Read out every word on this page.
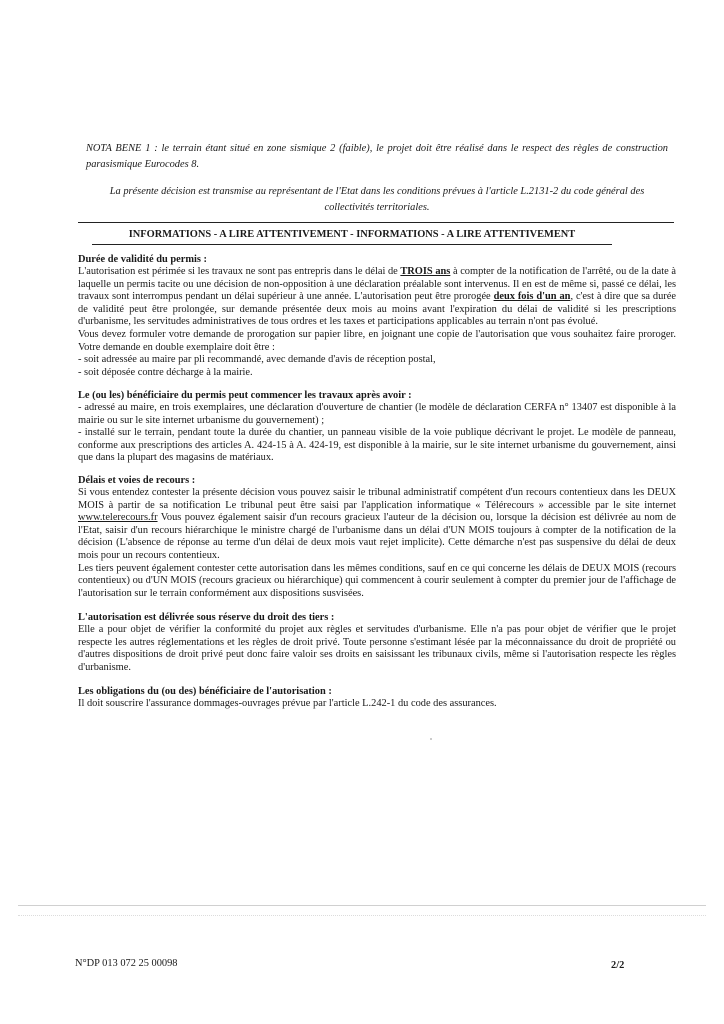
NOTA BENE 1 : le terrain étant situé en zone sismique 2 (faible), le projet doit être réalisé dans le respect des règles de construction parasismique Eurocodes 8.

La présente décision est transmise au représentant de l'Etat dans les conditions prévues à l'article L.2131-2 du code général des collectivités territoriales.

INFORMATIONS - A LIRE ATTENTIVEMENT - INFORMATIONS - A LIRE ATTENTIVEMENT

Durée de validité du permis :

L'autorisation est périmée si les travaux ne sont pas entrepris dans le délai de TROIS ans à compter de la notification de l'arrêté, ou de la date à laquelle un permis tacite ou une décision de non-opposition à une déclaration préalable sont intervenus. Il en est de même si, passé ce délai, les travaux sont interrompus pendant un délai supérieur à une année. L'autorisation peut être prorogée deux fois d'un an, c'est à dire que sa durée de validité peut être prolongée, sur demande présentée deux mois au moins avant l'expiration du délai de validité si les prescriptions d'urbanisme, les servitudes administratives de tous ordres et les taxes et participations applicables au terrain n'ont pas évolué.

Vous devez formuler votre demande de prorogation sur papier libre, en joignant une copie de l'autorisation que vous souhaitez faire proroger. Votre demande en double exemplaire doit être :

- soit adressée au maire par pli recommandé, avec demande d'avis de réception postal,

- soit déposée contre décharge à la mairie.

Le (ou les) bénéficiaire du permis peut commencer les travaux après avoir :

- adressé au maire, en trois exemplaires, une déclaration d'ouverture de chantier (le modèle de déclaration CERFA n° 13407 est disponible à la mairie ou sur le site internet urbanisme du gouvernement) ;

- installé sur le terrain, pendant toute la durée du chantier, un panneau visible de la voie publique décrivant le projet. Le modèle de panneau, conforme aux prescriptions des articles A. 424-15 à A. 424-19, est disponible à la mairie, sur le site internet urbanisme du gouvernement, ainsi que dans la plupart des magasins de matériaux.

Délais et voies de recours :

Si vous entendez contester la présente décision vous pouvez saisir le tribunal administratif compétent d'un recours contentieux dans les DEUX MOIS à partir de sa notification Le tribunal peut être saisi par l'application informatique « Télérecours » accessible par le site internet www.telerecours.fr Vous pouvez également saisir d'un recours gracieux l'auteur de la décision ou, lorsque la décision est délivrée au nom de l'Etat, saisir d'un recours hiérarchique le ministre chargé de l'urbanisme dans un délai d'UN MOIS toujours à compter de la notification de la décision (L'absence de réponse au terme d'un délai de deux mois vaut rejet implicite). Cette démarche n'est pas suspensive du délai de deux mois pour un recours contentieux.

Les tiers peuvent également contester cette autorisation dans les mêmes conditions, sauf en ce qui concerne les délais de DEUX MOIS (recours contentieux) ou d'UN MOIS (recours gracieux ou hiérarchique) qui commencent à courir seulement à compter du premier jour de l'affichage de l'autorisation sur le terrain conformément aux dispositions susvisées.

L'autorisation est délivrée sous réserve du droit des tiers :

Elle a pour objet de vérifier la conformité du projet aux règles et servitudes d'urbanisme. Elle n'a pas pour objet de vérifier que le projet respecte les autres réglementations et les règles de droit privé. Toute personne s'estimant lésée par la méconnaissance du droit de propriété ou d'autres dispositions de droit privé peut donc faire valoir ses droits en saisissant les tribunaux civils, même si l'autorisation respecte les règles d'urbanisme.

Les obligations du (ou des) bénéficiaire de l'autorisation :

Il doit souscrire l'assurance dommages-ouvrages prévue par l'article L.242-1 du code des assurances.

N°DP 013 072 25 00098	2/2
